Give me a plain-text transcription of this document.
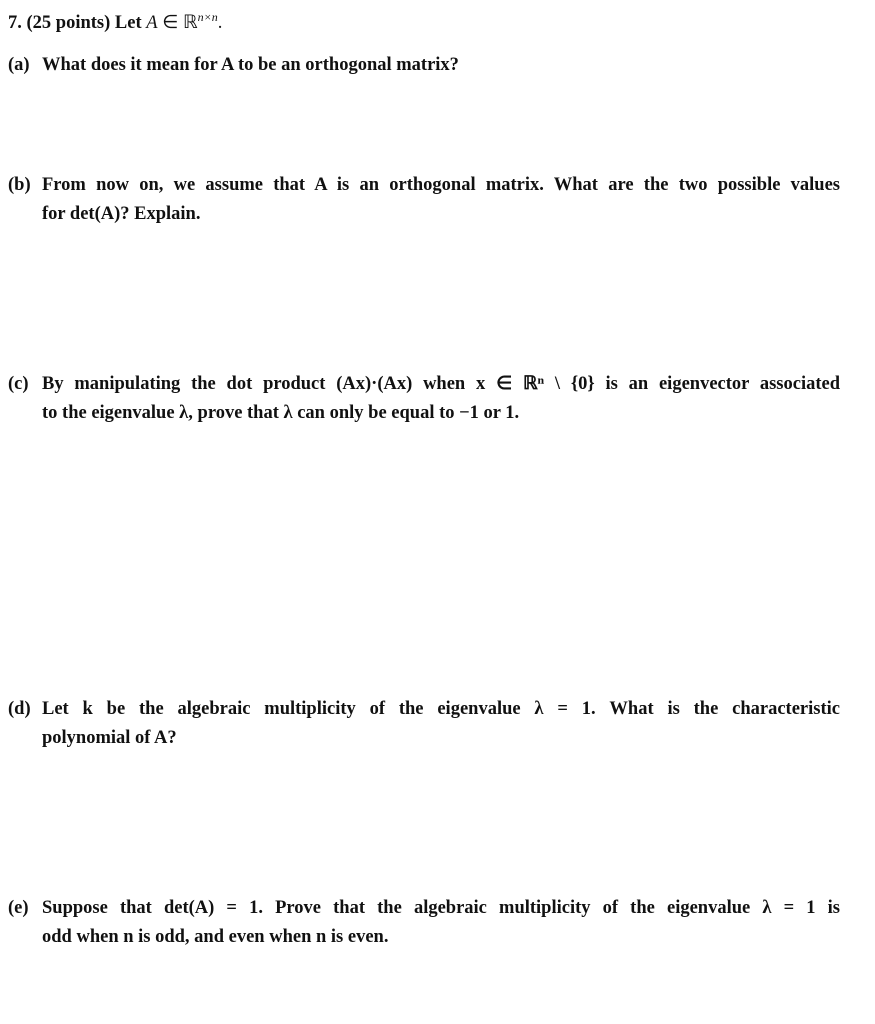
7. (25 points) Let A ∈ ℝ$^{n\times n}$.
(a) What does it mean for A to be an orthogonal matrix?
(b) From now on, we assume that A is an orthogonal matrix. What are the two possible values
for det(A)? Explain.
(c) By manipulating the dot product (Ax)·(Ax) when x ∈ ℝⁿ \ {0} is an eigenvector associated
to the eigenvalue λ, prove that λ can only be equal to −1 or 1.
(d) Let k be the algebraic multiplicity of the eigenvalue λ = 1. What is the characteristic
polynomial of A?
(e) Suppose that det(A) = 1. Prove that the algebraic multiplicity of the eigenvalue λ = 1 is
odd when n is odd, and even when n is even.
